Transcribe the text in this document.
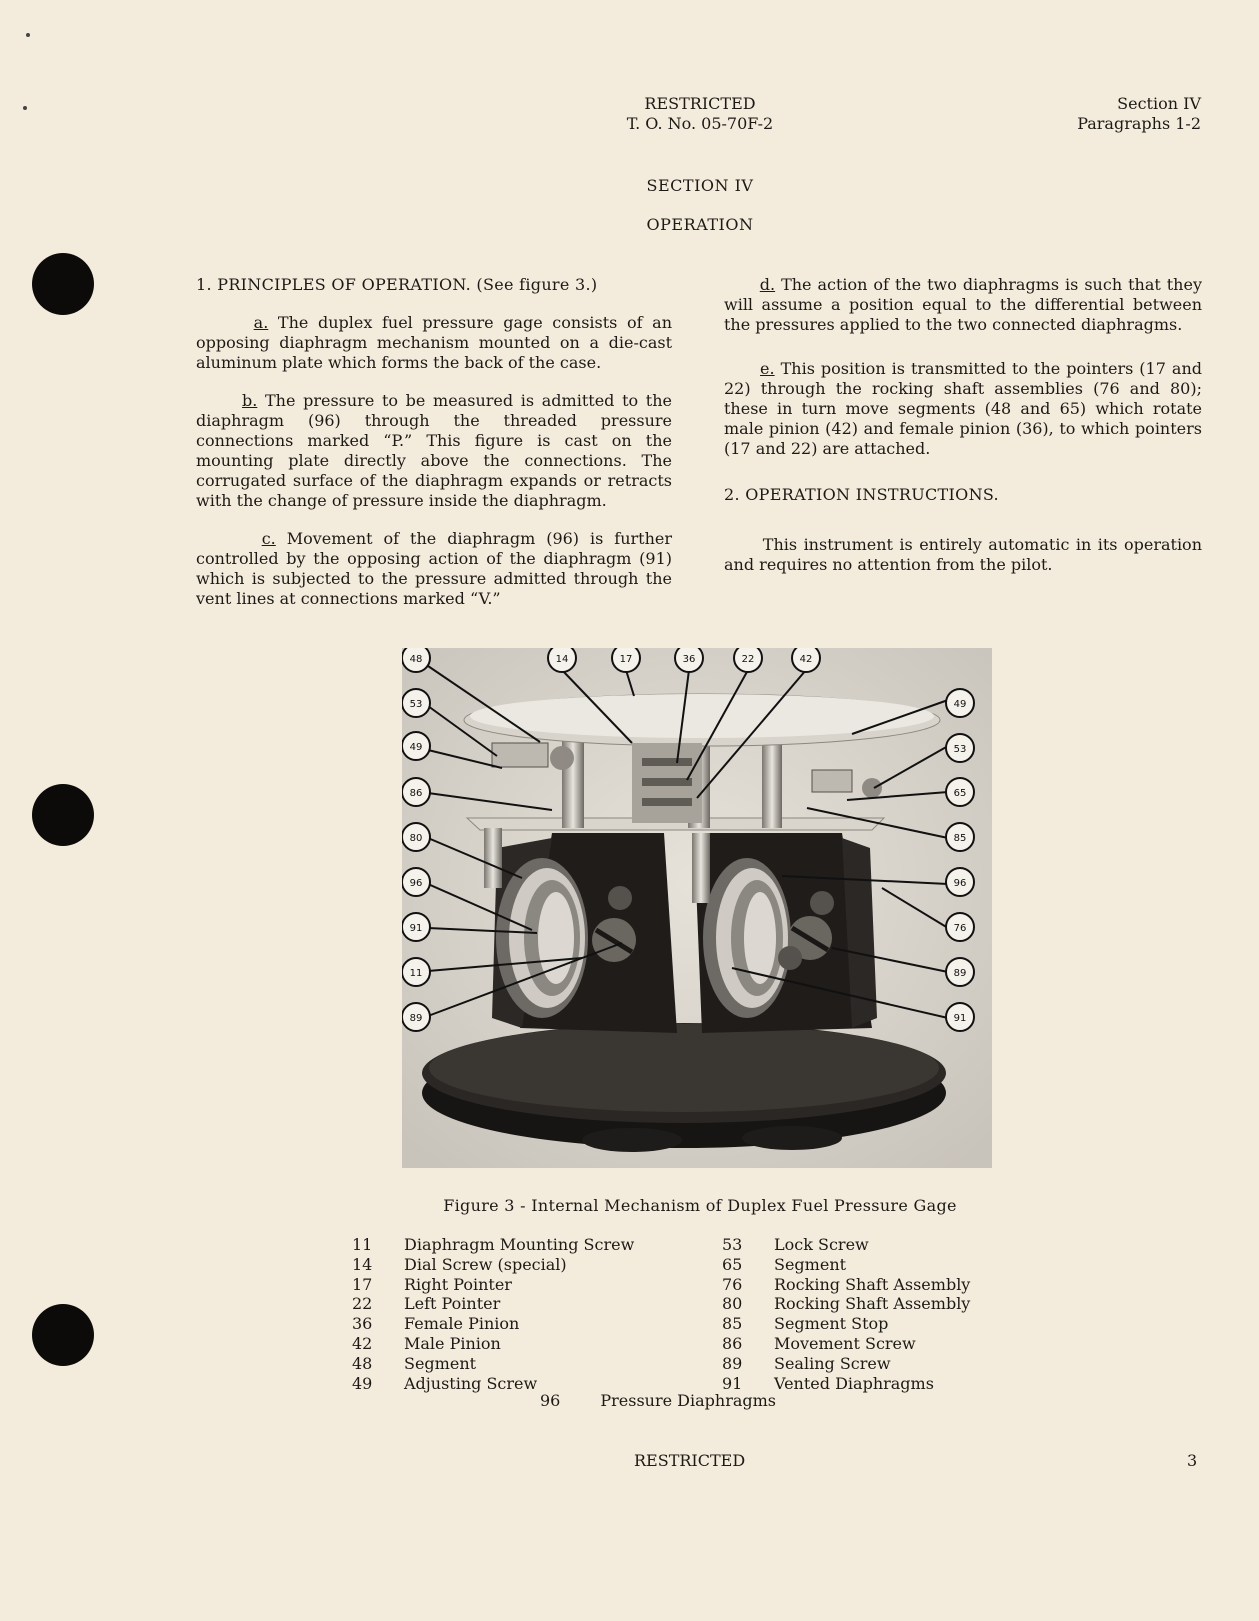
RESTRICTED
T. O. No. 05-70F-2
Section IV
Paragraphs 1-2
SECTION IV
OPERATION

1. PRINCIPLES OF OPERATION. (See figure 3.)

a. The duplex fuel pressure gage consists of an opposing diaphragm mechanism mounted on a die-cast aluminum plate which forms the back of the case.

b. The pressure to be measured is admitted to the diaphragm (96) through the threaded pressure connections marked “P.” This figure is cast on the mounting plate directly above the connections. The corrugated surface of the diaphragm expands or retracts with the change of pressure inside the diaphragm.

c. Movement of the diaphragm (96) is further controlled by the opposing action of the diaphragm (91) which is subjected to the pressure admitted through the vent lines at connections marked “V.”

d. The action of the two diaphragms is such that they will assume a position equal to the differential between the pressures applied to the two connected diaphragms.

e. This position is transmitted to the pointers (17 and 22) through the rocking shaft assemblies (76 and 80); these in turn move segments (48 and 65) which rotate male pinion (42) and female pinion (36), to which pointers (17 and 22) are attached.

2. OPERATION INSTRUCTIONS.

This instrument is entirely automatic in its operation and requires no attention from the pilot.

48
53
49
86
80
96
91
11
89
14	17	36	22	42
49
53
65
85
96
76
89
91
Figure 3 - Internal Mechanism of Duplex Fuel Pressure Gage
11	Diaphragm Mounting Screw
14	Dial Screw (special)
17	Right Pointer
22	Left Pointer
36	Female Pinion
42	Male Pinion
48	Segment
49	Adjusting Screw
53	Lock Screw
65	Segment
76	Rocking Shaft Assembly
80	Rocking Shaft Assembly
85	Segment Stop
86	Movement Screw
89	Sealing Screw
91	Vented Diaphragms
96	Pressure Diaphragms
RESTRICTED	3
